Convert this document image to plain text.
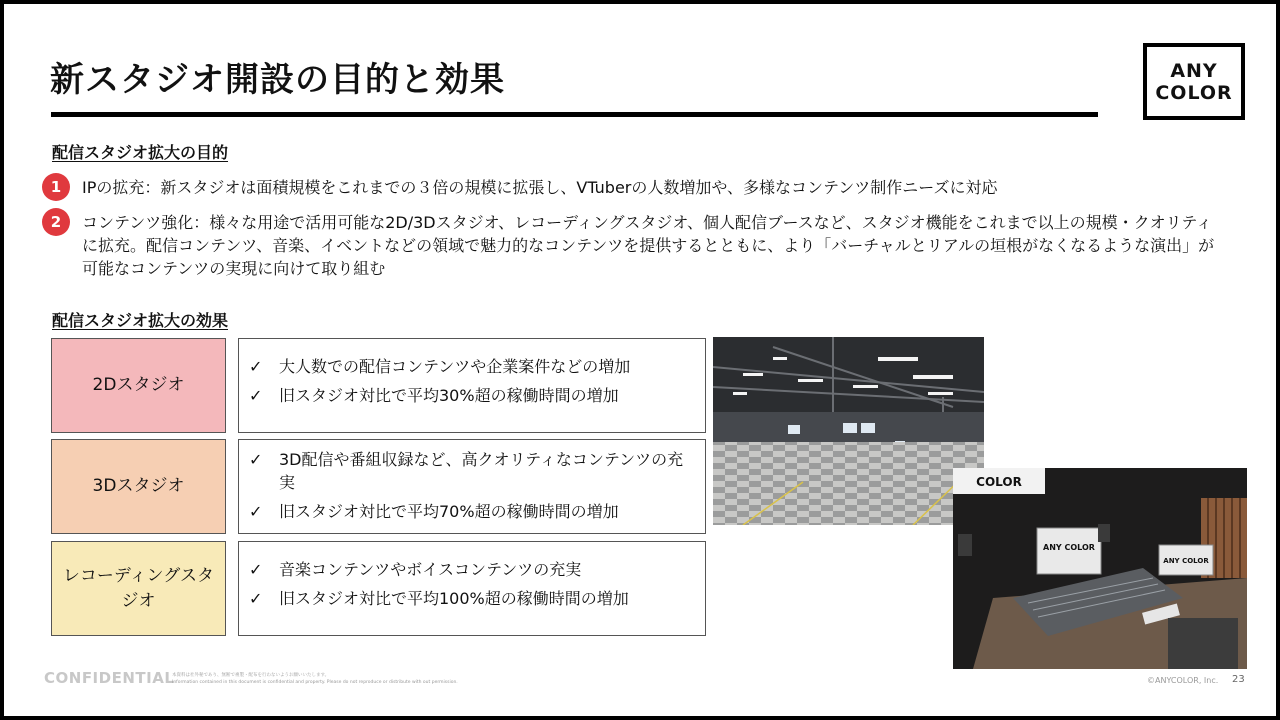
新スタジオ開設の目的と効果	ANY
COLOR
配信スタジオ拡大の目的
1	IPの拡充：新スタジオは面積規模をこれまでの３倍の規模に拡張し、VTuberの人数増加や、多様なコンテンツ制作ニーズに対応
2	コンテンツ強化：様々な用途で活用可能な2D/3Dスタジオ、レコーディングスタジオ、個人配信ブースなど、スタジオ機能をこれまで以上の規模・クオリティに拡充。配信コンテンツ、音楽、イベントなどの領域で魅力的なコンテンツを提供するとともに、より「バーチャルとリアルの垣根がなくなるような演出」が可能なコンテンツの実現に向けて取り組む
配信スタジオ拡大の効果
2Dスタジオ
✓	大人数での配信コンテンツや企業案件などの増加
✓	旧スタジオ対比で平均30%超の稼働時間の増加
3Dスタジオ
✓	3D配信や番組収録など、高クオリティなコンテンツの充実
✓	旧スタジオ対比で平均70%超の稼働時間の増加
レコーディングスタジオ
✓	音楽コンテンツやボイスコンテンツの充実
✓	旧スタジオ対比で平均100%超の稼働時間の増加
COLOR
ANY COLOR
ANY COLOR
CONFIDENTIAL
本資料は社外秘であり、無断で複製・配布を行わないようお願いいたします。
Information contained in this document is confidential and property. Please do not reproduce or distribute with out permission.	©ANYCOLOR, Inc. 23
